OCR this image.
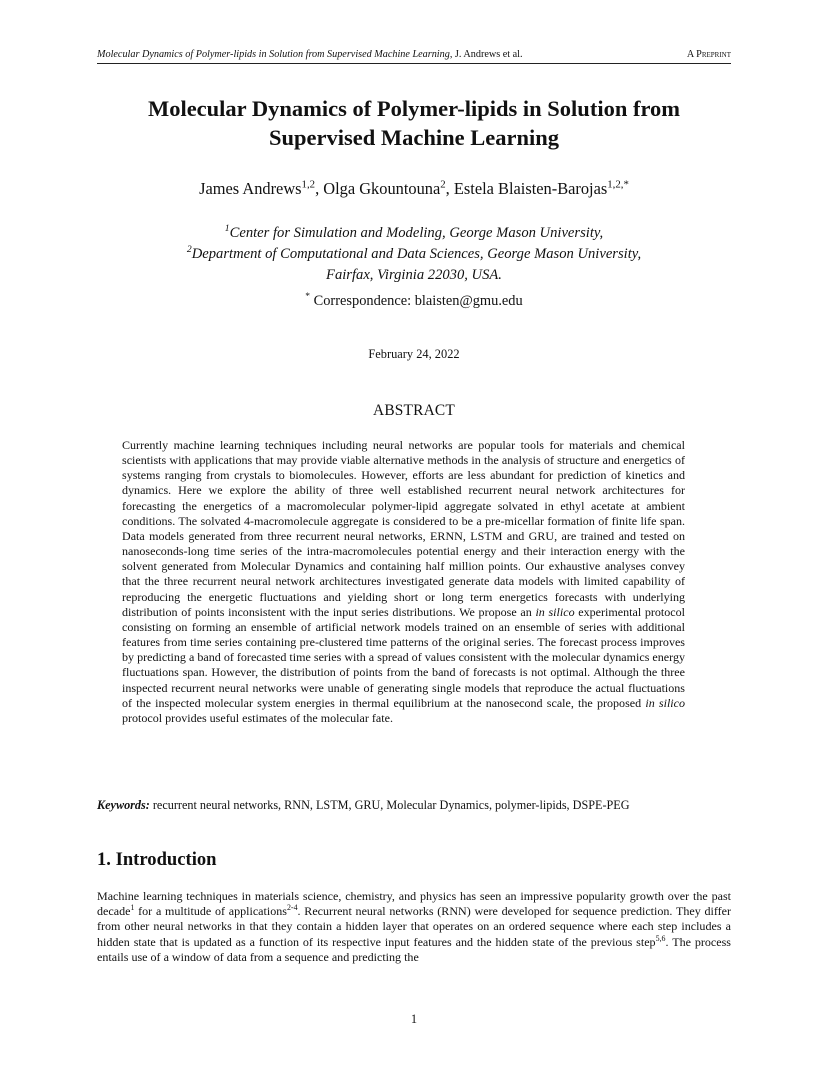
Molecular Dynamics of Polymer-lipids in Solution from Supervised Machine Learning, J. Andrews et al.	A Preprint
Molecular Dynamics of Polymer-lipids in Solution from
Supervised Machine Learning
James Andrews$^{1,2}$, Olga Gkountouna$^2$, Estela Blaisten-Barojas$^{1,2,*}$
$^1$Center for Simulation and Modeling, George Mason University,
$^2$Department of Computational and Data Sciences, George Mason University,
Fairfax, Virginia 22030, USA.
* Correspondence: blaisten@gmu.edu
February 24, 2022
ABSTRACT

Currently machine learning techniques including neural networks are popular tools for materials and chemical scientists with applications that may provide viable alternative methods in the analysis of structure and energetics of systems ranging from crystals to biomolecules. However, efforts are less abundant for prediction of kinetics and dynamics. Here we explore the ability of three well established recurrent neural network architectures for forecasting the energetics of a macromolecular polymer-lipid aggregate solvated in ethyl acetate at ambient conditions. The solvated 4-macromolecule aggregate is considered to be a pre-micellar formation of finite life span. Data models generated from three recurrent neural networks, ERNN, LSTM and GRU, are trained and tested on nanoseconds-long time series of the intra-macromolecules potential energy and their interaction energy with the solvent generated from Molecular Dynamics and containing half million points. Our exhaustive analyses convey that the three recurrent neural network architectures investigated generate data models with limited capability of reproducing the energetic fluctuations and yielding short or long term energetics forecasts with underlying distribution of points inconsistent with the input series distributions. We propose an in silico experimental protocol consisting on forming an ensemble of artificial network models trained on an ensemble of series with additional features from time series containing pre-clustered time patterns of the original series. The forecast process improves by predicting a band of forecasted time series with a spread of values consistent with the molecular dynamics energy fluctuations span. However, the distribution of points from the band of forecasts is not optimal. Although the three inspected recurrent neural networks were unable of generating single models that reproduce the actual fluctuations of the inspected molecular system energies in thermal equilibrium at the nanosecond scale, the proposed in silico protocol provides useful estimates of the molecular fate.

Keywords: recurrent neural networks, RNN, LSTM, GRU, Molecular Dynamics, polymer-lipids, DSPE-PEG
1. Introduction

Machine learning techniques in materials science, chemistry, and physics has seen an impressive popularity growth over the past decade$^1$ for a multitude of applications$^{2-4}$. Recurrent neural networks (RNN) were developed for sequence prediction. They differ from other neural networks in that they contain a hidden layer that operates on an ordered sequence where each step includes a hidden state that is updated as a function of its respective input features and the hidden state of the previous step$^{5,6}$. The process entails use of a window of data from a sequence and predicting the

1
